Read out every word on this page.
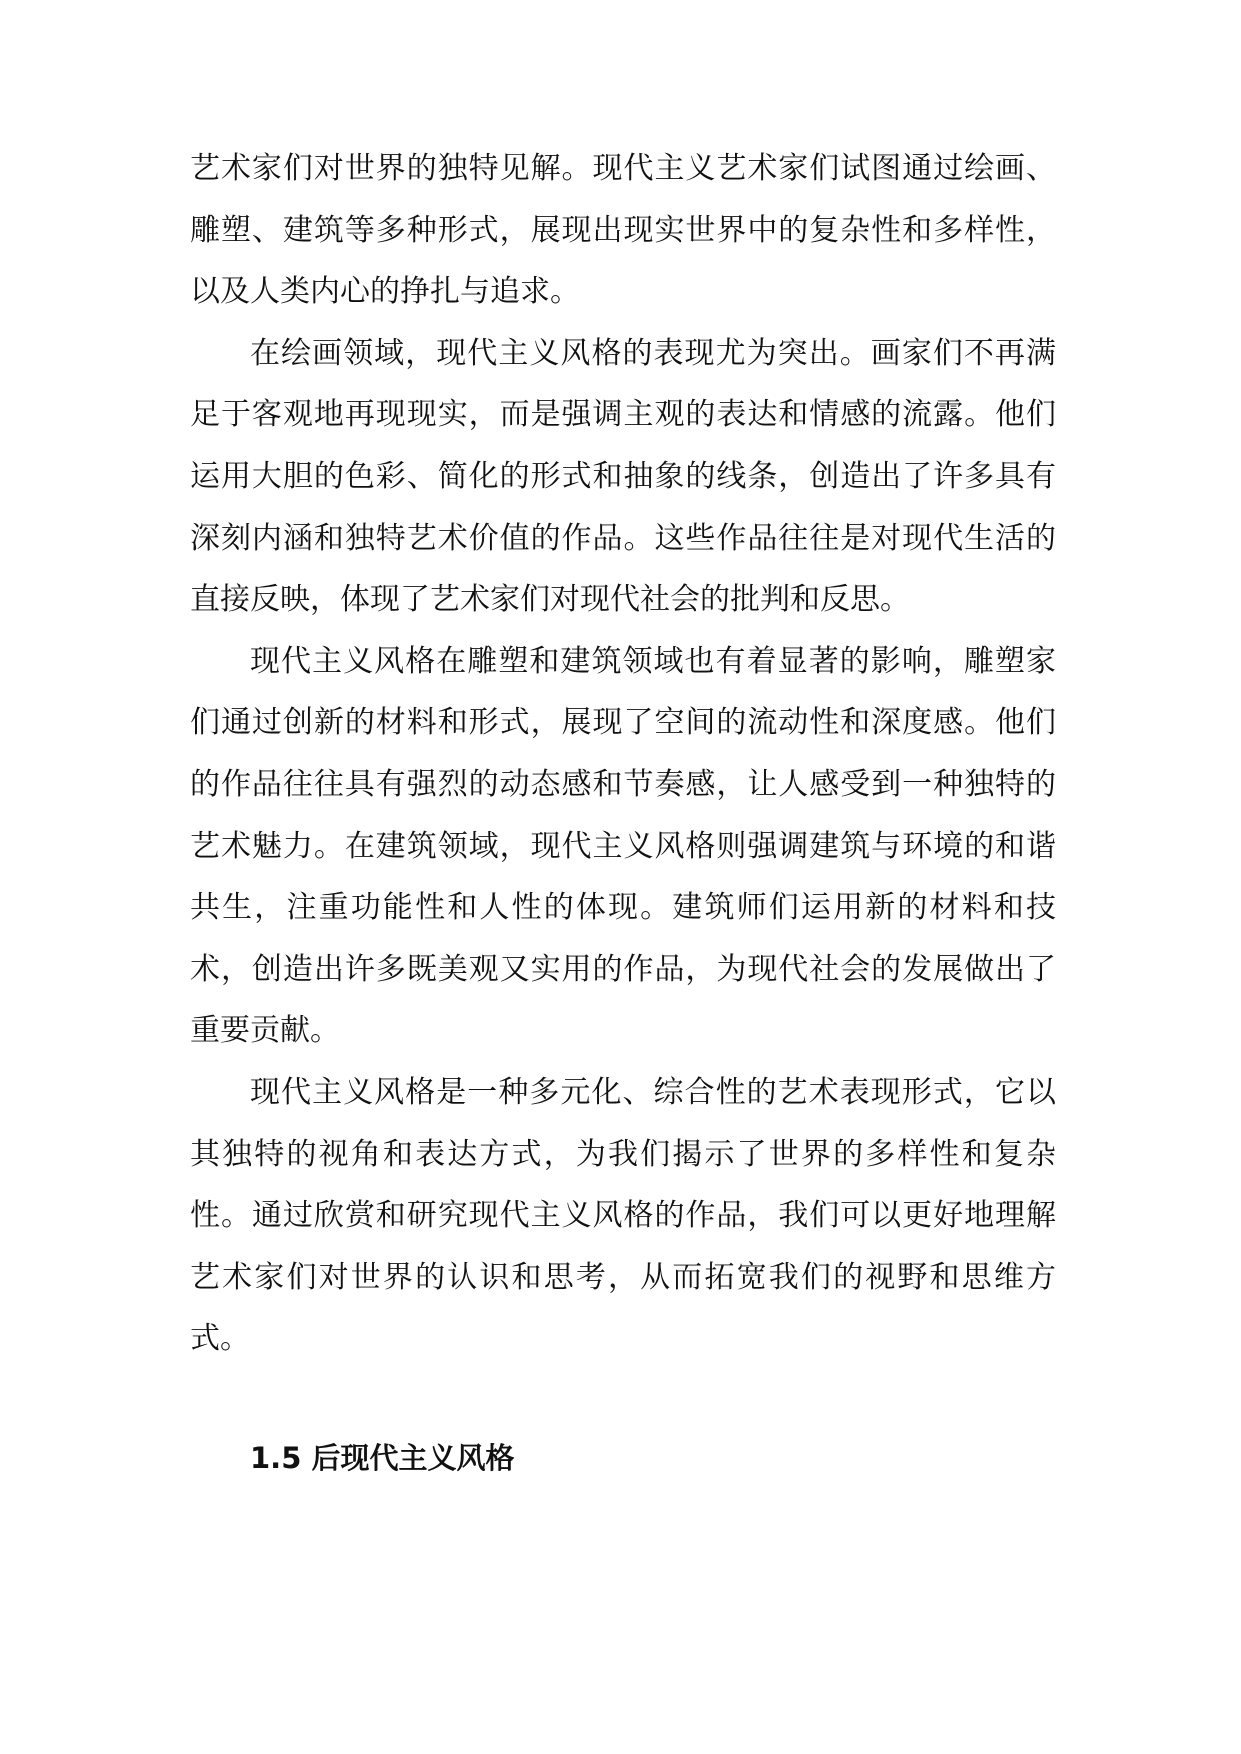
艺术家们对世界的独特见解。现代主义艺术家们试图通过绘画、雕塑、建筑等多种形式，展现出现实世界中的复杂性和多样性，以及人类内心的挣扎与追求。

在绘画领域，现代主义风格的表现尤为突出。画家们不再满足于客观地再现现实，而是强调主观的表达和情感的流露。他们运用大胆的色彩、简化的形式和抽象的线条，创造出了许多具有深刻内涵和独特艺术价值的作品。这些作品往往是对现代生活的直接反映，体现了艺术家们对现代社会的批判和反思。

现代主义风格在雕塑和建筑领域也有着显著的影响，雕塑家们通过创新的材料和形式，展现了空间的流动性和深度感。他们的作品往往具有强烈的动态感和节奏感，让人感受到一种独特的艺术魅力。在建筑领域，现代主义风格则强调建筑与环境的和谐共生，注重功能性和人性的体现。建筑师们运用新的材料和技术，创造出许多既美观又实用的作品，为现代社会的发展做出了重要贡献。

现代主义风格是一种多元化、综合性的艺术表现形式，它以其独特的视角和表达方式，为我们揭示了世界的多样性和复杂性。通过欣赏和研究现代主义风格的作品，我们可以更好地理解艺术家们对世界的认识和思考，从而拓宽我们的视野和思维方式。

1.5 后现代主义风格
